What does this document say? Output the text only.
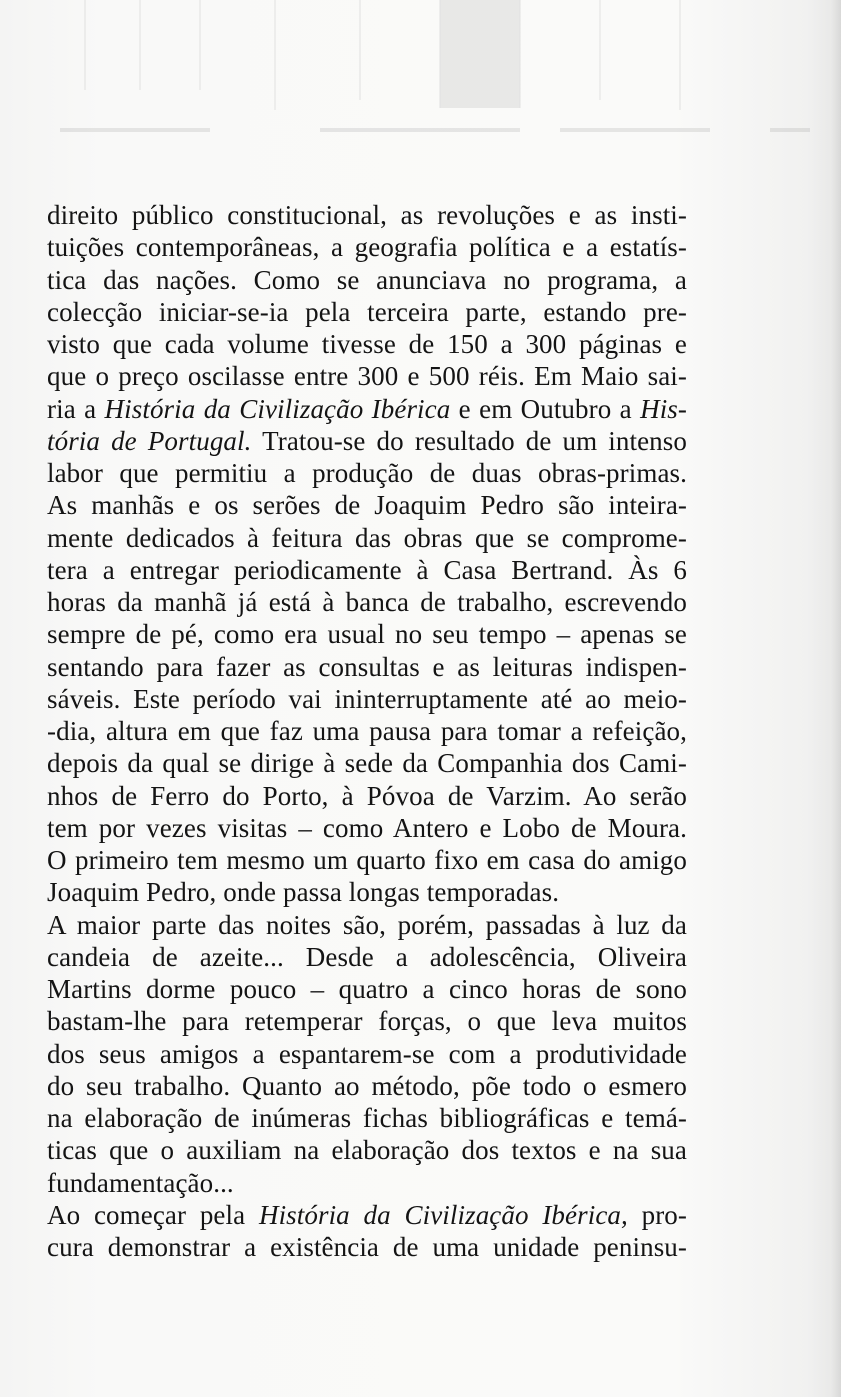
direito público constitucional, as revoluções e as insti-
tuições contemporâneas, a geografia política e a estatís-
tica das nações. Como se anunciava no programa, a
colecção iniciar-se-ia pela terceira parte, estando pre-
visto que cada volume tivesse de 150 a 300 páginas e
que o preço oscilasse entre 300 e 500 réis. Em Maio sai-
ria a História da Civilização Ibérica e em Outubro a His-
tória de Portugal. Tratou-se do resultado de um intenso
labor que permitiu a produção de duas obras-primas.
As manhãs e os serões de Joaquim Pedro são inteira-
mente dedicados à feitura das obras que se comprome-
tera a entregar periodicamente à Casa Bertrand. Às 6
horas da manhã já está à banca de trabalho, escrevendo
sempre de pé, como era usual no seu tempo – apenas se
sentando para fazer as consultas e as leituras indispen-
sáveis. Este período vai ininterruptamente até ao meio-
-dia, altura em que faz uma pausa para tomar a refeição,
depois da qual se dirige à sede da Companhia dos Cami-
nhos de Ferro do Porto, à Póvoa de Varzim. Ao serão
tem por vezes visitas – como Antero e Lobo de Moura.
O primeiro tem mesmo um quarto fixo em casa do amigo
Joaquim Pedro, onde passa longas temporadas.
A maior parte das noites são, porém, passadas à luz da
candeia de azeite... Desde a adolescência, Oliveira
Martins dorme pouco – quatro a cinco horas de sono
bastam-lhe para retemperar forças, o que leva muitos
dos seus amigos a espantarem-se com a produtividade
do seu trabalho. Quanto ao método, põe todo o esmero
na elaboração de inúmeras fichas bibliográficas e temá-
ticas que o auxiliam na elaboração dos textos e na sua
fundamentação...
Ao começar pela História da Civilização Ibérica, pro-
cura demonstrar a existência de uma unidade peninsu-
